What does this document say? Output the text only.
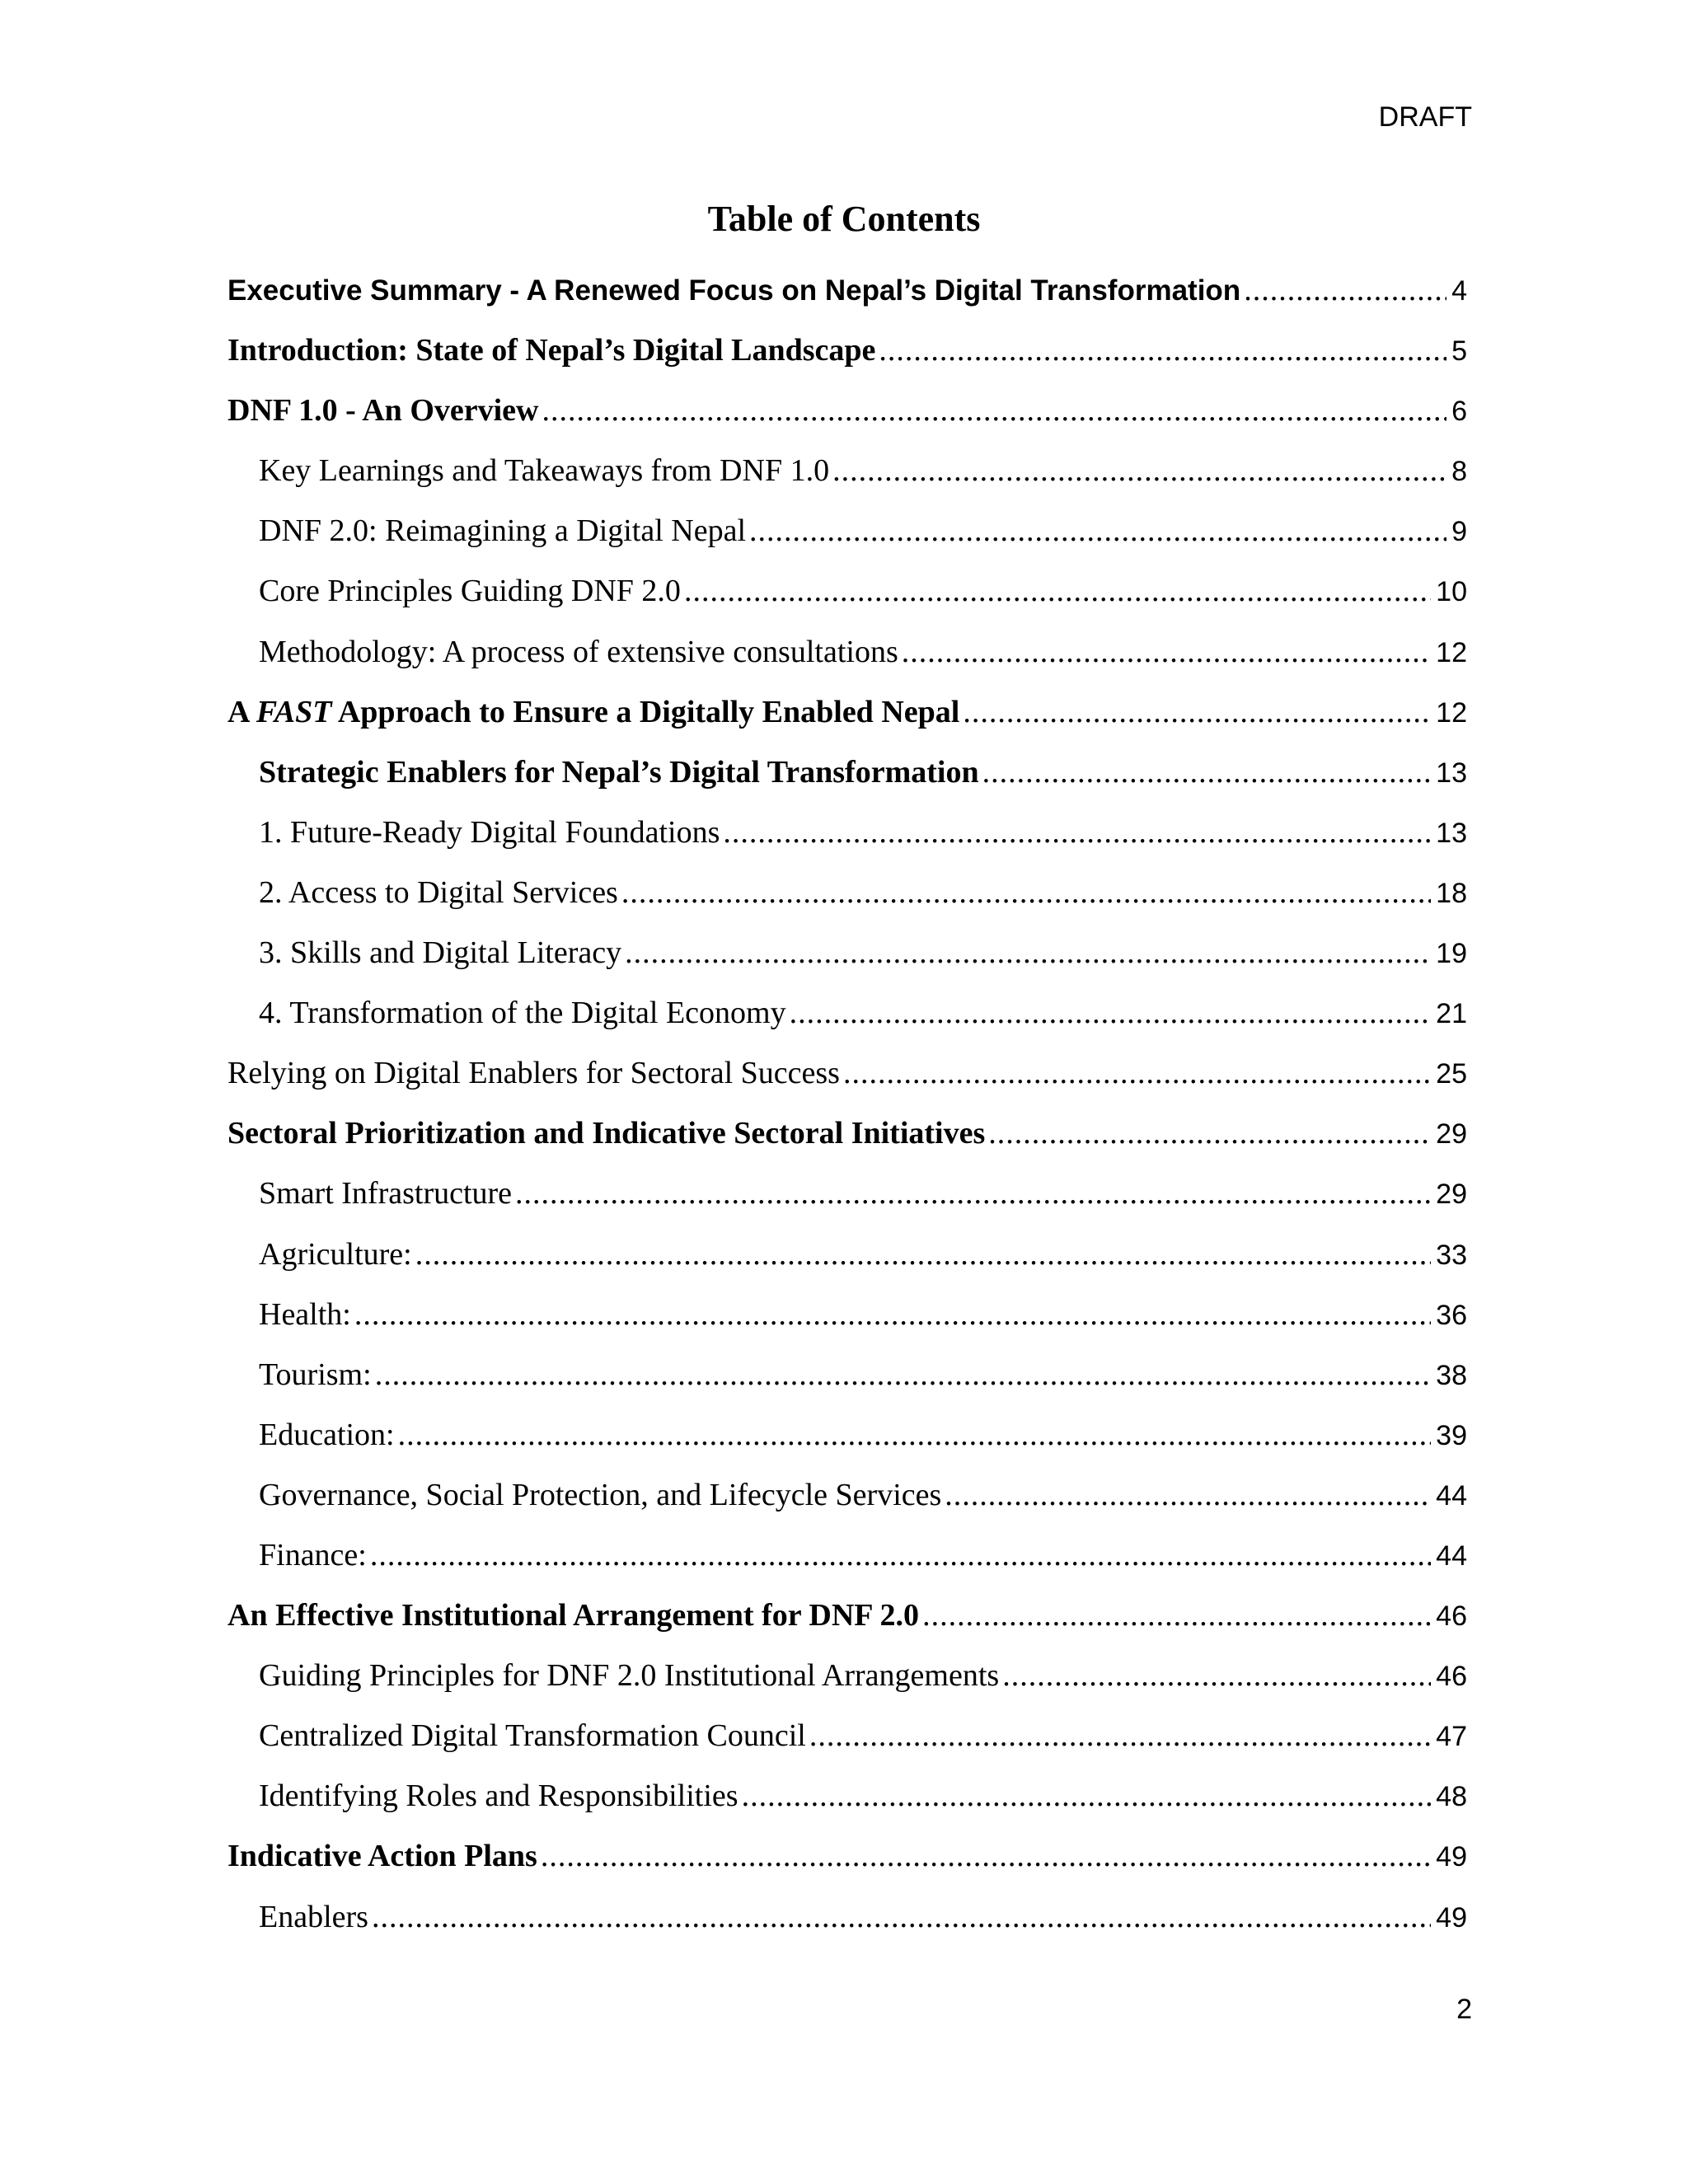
DRAFT
Table of Contents
Executive Summary - A Renewed Focus on Nepal’s Digital Transformation .....	4
Introduction: State of Nepal’s Digital Landscape .....	5
DNF 1.0 - An Overview .....	6
Key Learnings and Takeaways from DNF 1.0 .....	8
DNF 2.0: Reimagining a Digital Nepal .....	9
Core Principles Guiding DNF 2.0 .....	10
Methodology: A process of extensive consultations .....	12
A FAST Approach to Ensure a Digitally Enabled Nepal .....	12
Strategic Enablers for Nepal’s Digital Transformation .....	13
1. Future-Ready Digital Foundations .....	13
2. Access to Digital Services .....	18
3. Skills and Digital Literacy .....	19
4. Transformation of the Digital Economy .....	21
Relying on Digital Enablers for Sectoral Success .....	25
Sectoral Prioritization and Indicative Sectoral Initiatives .....	29
Smart Infrastructure .....	29
Agriculture: .....	33
Health: .....	36
Tourism: .....	38
Education: .....	39
Governance, Social Protection, and Lifecycle Services .....	44
Finance: .....	44
An Effective Institutional Arrangement for DNF 2.0 .....	46
Guiding Principles for DNF 2.0 Institutional Arrangements .....	46
Centralized Digital Transformation Council .....	47
Identifying Roles and Responsibilities .....	48
Indicative Action Plans .....	49
Enablers .....	49
2
